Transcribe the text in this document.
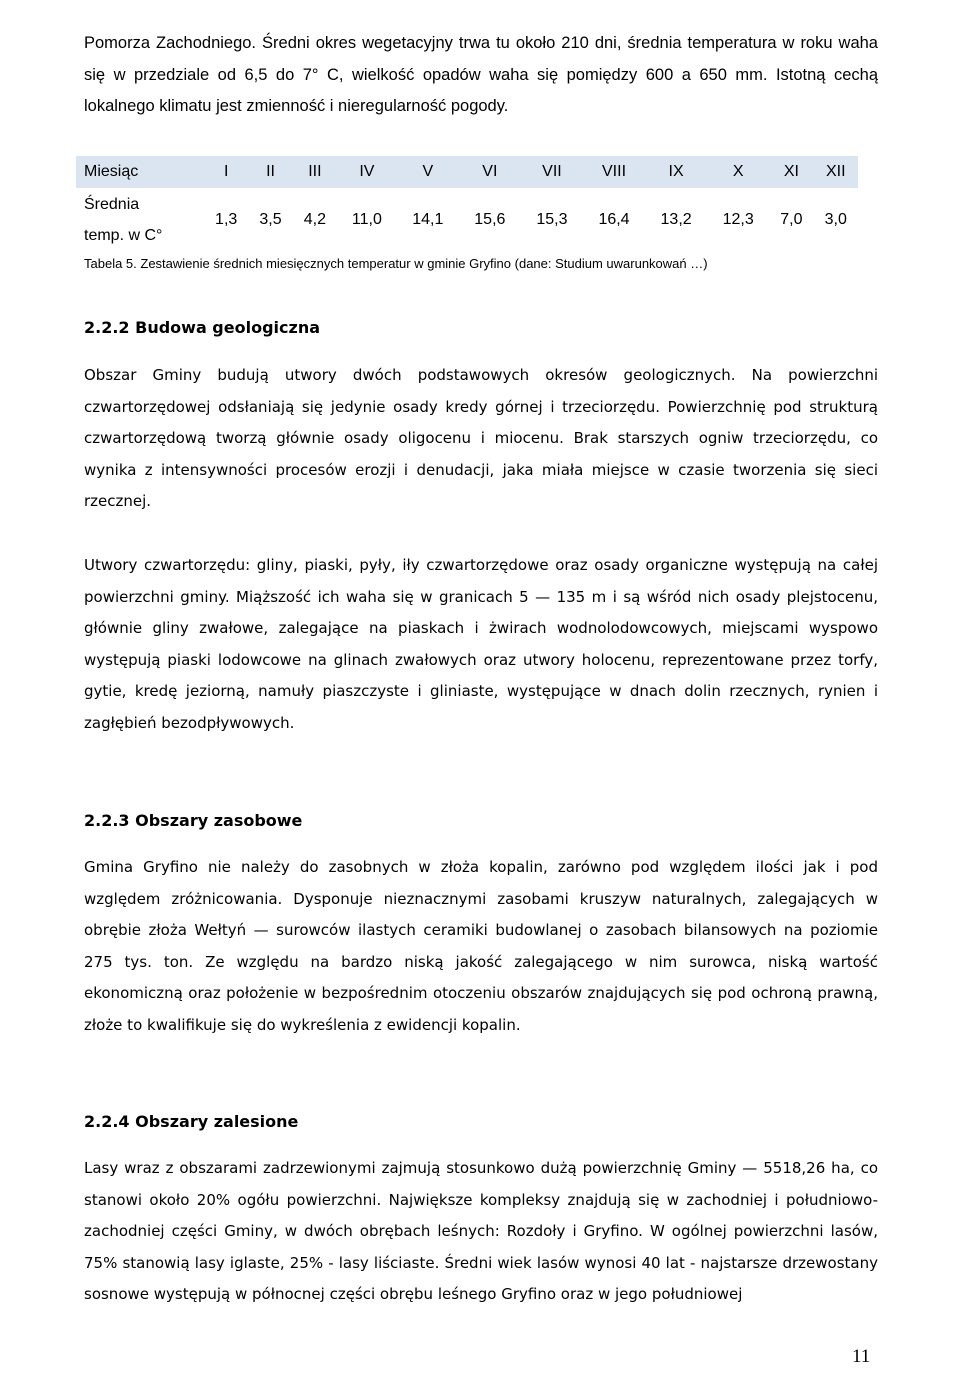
Pomorza Zachodniego. Średni okres wegetacyjny trwa tu około 210 dni, średnia temperatura w roku waha się w przedziale od 6,5 do 7° C, wielkość opadów waha się pomiędzy 600 a 650 mm. Istotną cechą lokalnego klimatu jest zmienność i nieregularność pogody.

Miesiąc	I	II	III	IV	V	VI	VII	VIII	IX	X	XI	XII
Średnia
temp. w C°	1,3	3,5	4,2	11,0	14,1	15,6	15,3	16,4	13,2	12,3	7,0	3,0

Tabela 5. Zestawienie średnich miesięcznych temperatur w gminie Gryfino (dane: Studium uwarunkowań …)

2.2.2 Budowa geologiczna

Obszar Gminy budują utwory dwóch podstawowych okresów geologicznych. Na powierzchni czwartorzędowej odsłaniają się jedynie osady kredy górnej i trzeciorzędu. Powierzchnię pod strukturą czwartorzędową tworzą głównie osady oligocenu i miocenu. Brak starszych ogniw trzeciorzędu, co wynika z intensywności procesów erozji i denudacji, jaka miała miejsce w czasie tworzenia się sieci rzecznej.

Utwory czwartorzędu: gliny, piaski, pyły, iły czwartorzędowe oraz osady organiczne występują na całej powierzchni gminy. Miąższość ich waha się w granicach 5 — 135 m i są wśród nich osady plejstocenu, głównie gliny zwałowe, zalegające na piaskach i żwirach wodnolodowcowych, miejscami wyspowo występują piaski lodowcowe na glinach zwałowych oraz utwory holocenu, reprezentowane przez torfy, gytie, kredę jeziorną, namuły piaszczyste i gliniaste, występujące w dnach dolin rzecznych, rynien i zagłębień bezodpływowych.

2.2.3 Obszary zasobowe

Gmina Gryfino nie należy do zasobnych w złoża kopalin, zarówno pod względem ilości jak i pod względem zróżnicowania. Dysponuje nieznacznymi zasobami kruszyw naturalnych, zalegających w obrębie złoża Wełtyń — surowców ilastych ceramiki budowlanej o zasobach bilansowych na poziomie 275 tys. ton. Ze względu na bardzo niską jakość zalegającego w nim surowca, niską wartość ekonomiczną oraz położenie w bezpośrednim otoczeniu obszarów znajdujących się pod ochroną prawną, złoże to kwalifikuje się do wykreślenia z ewidencji kopalin.

2.2.4 Obszary zalesione

Lasy wraz z obszarami zadrzewionymi zajmują stosunkowo dużą powierzchnię Gminy — 5518,26 ha, co stanowi około 20% ogółu powierzchni. Największe kompleksy znajdują się w zachodniej i południowo-zachodniej części Gminy, w dwóch obrębach leśnych: Rozdoły i Gryfino. W ogólnej powierzchni lasów, 75% stanowią lasy iglaste, 25% - lasy liściaste. Średni wiek lasów wynosi 40 lat - najstarsze drzewostany sosnowe występują w północnej części obrębu leśnego Gryfino oraz w jego południowej

11
